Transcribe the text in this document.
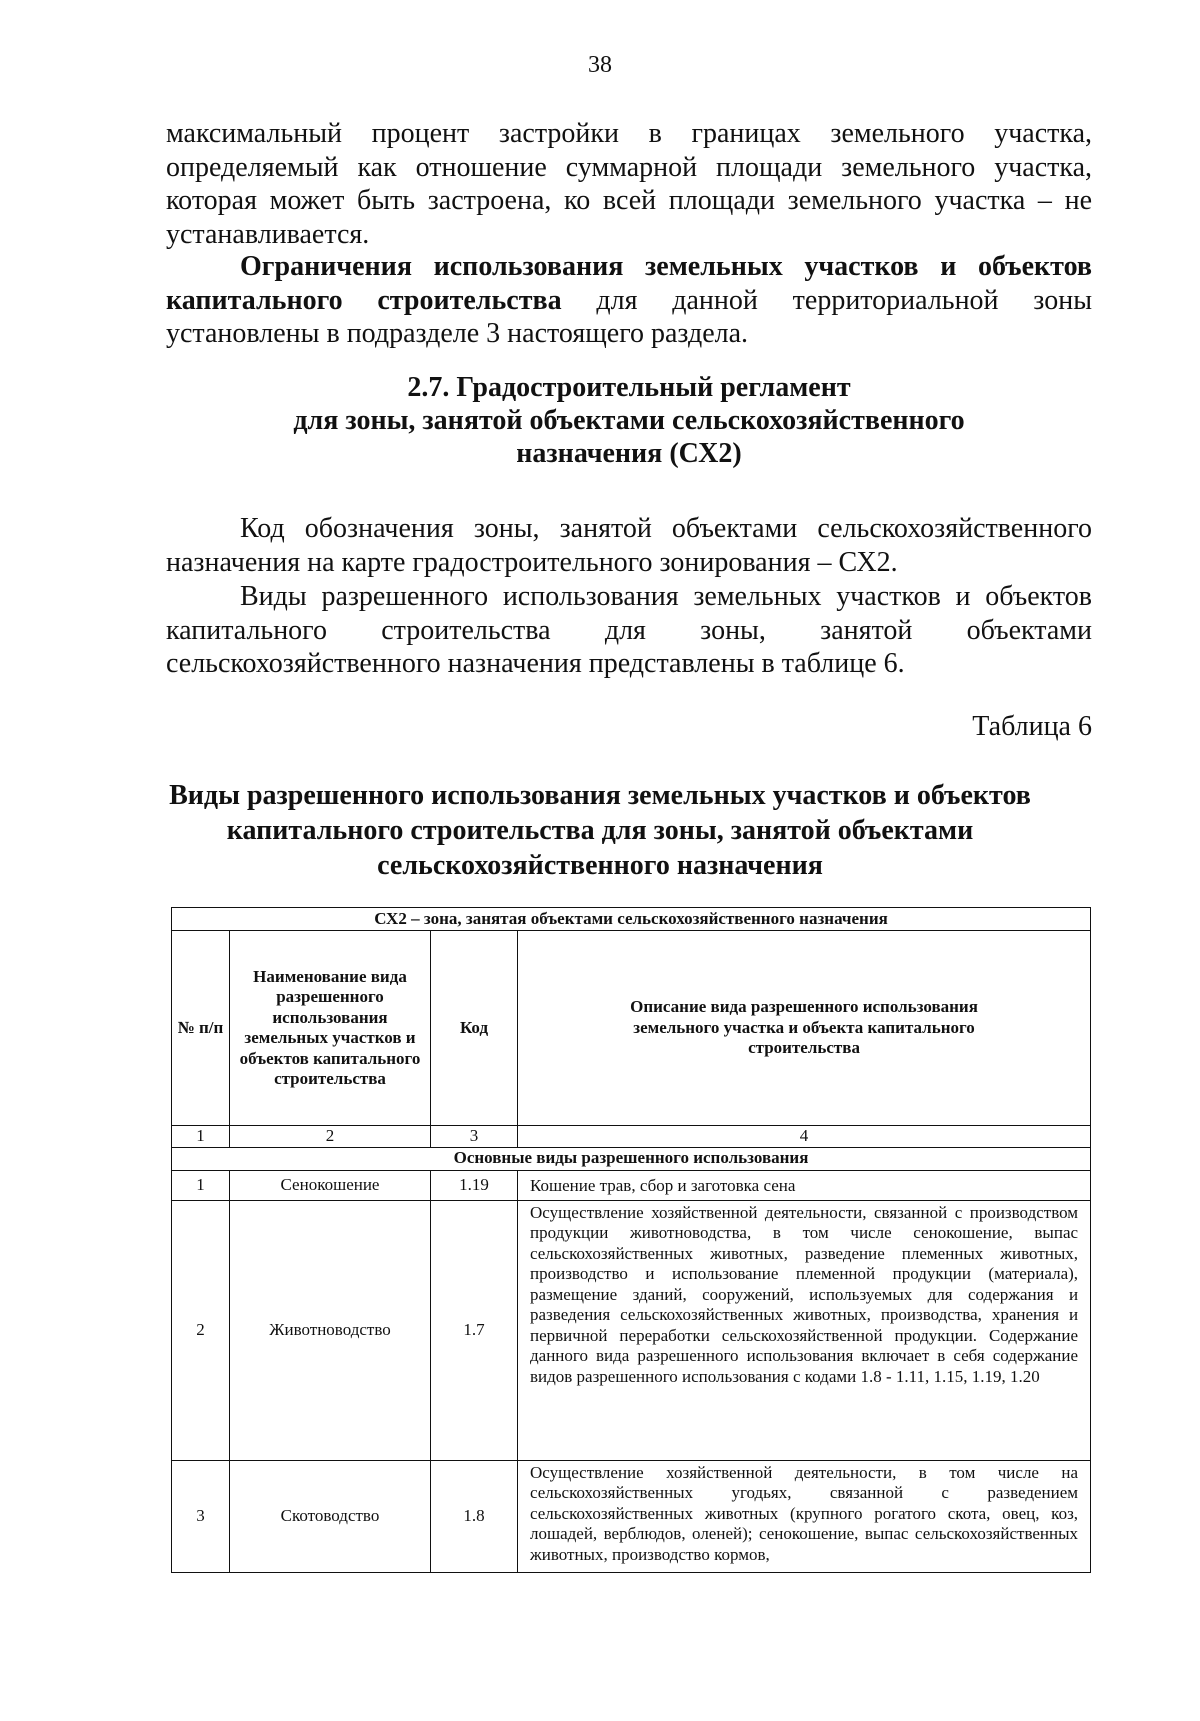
38
максимальный процент застройки в границах земельного участка, определяемый как отношение суммарной площади земельного участка, которая может быть застроена, ко всей площади земельного участка – не устанавливается.
Ограничения использования земельных участков и объектов капитального строительства для данной территориальной зоны установлены в подразделе 3 настоящего раздела.
2.7. Градостроительный регламент
для зоны, занятой объектами сельскохозяйственного
назначения (СХ2)
Код обозначения зоны, занятой объектами сельскохозяйственного назначения на карте градостроительного зонирования – СХ2.
Виды разрешенного использования земельных участков и объектов капитального строительства для зоны, занятой объектами сельскохозяйственного назначения представлены в таблице 6.
Таблица 6
Виды разрешенного использования земельных участков и объектов
капитального строительства для зоны, занятой объектами
сельскохозяйственного назначения
СХ2 – зона, занятая объектами сельскохозяйственного назначения			
№ п/п	Наименование вида разрешенного использования земельных участков и объектов капитального строительства	Код	Описание вида разрешенного использования земельного участка и объекта капитального строительства
1	2	3	4
Основные виды разрешенного использования			
1	Сенокошение	1.19	Кошение трав, сбор и заготовка сена
2	Животноводство	1.7	Осуществление хозяйственной деятельности, связанной с производством продукции животноводства, в том числе сенокошение, выпас сельскохозяйственных животных, разведение племенных животных, производство и использование племенной продукции (материала), размещение зданий, сооружений, используемых для содержания и разведения сельскохозяйственных животных, производства, хранения и первичной переработки сельскохозяйственной продукции. Содержание данного вида разрешенного использования включает в себя содержание видов разрешенного использования с кодами 1.8 - 1.11, 1.15, 1.19, 1.20
3	Скотоводство	1.8	Осуществление хозяйственной деятельности, в том числе на сельскохозяйственных угодьях, связанной с разведением сельскохозяйственных животных (крупного рогатого скота, овец, коз, лошадей, верблюдов, оленей); сенокошение, выпас сельскохозяйственных животных, производство кормов,
